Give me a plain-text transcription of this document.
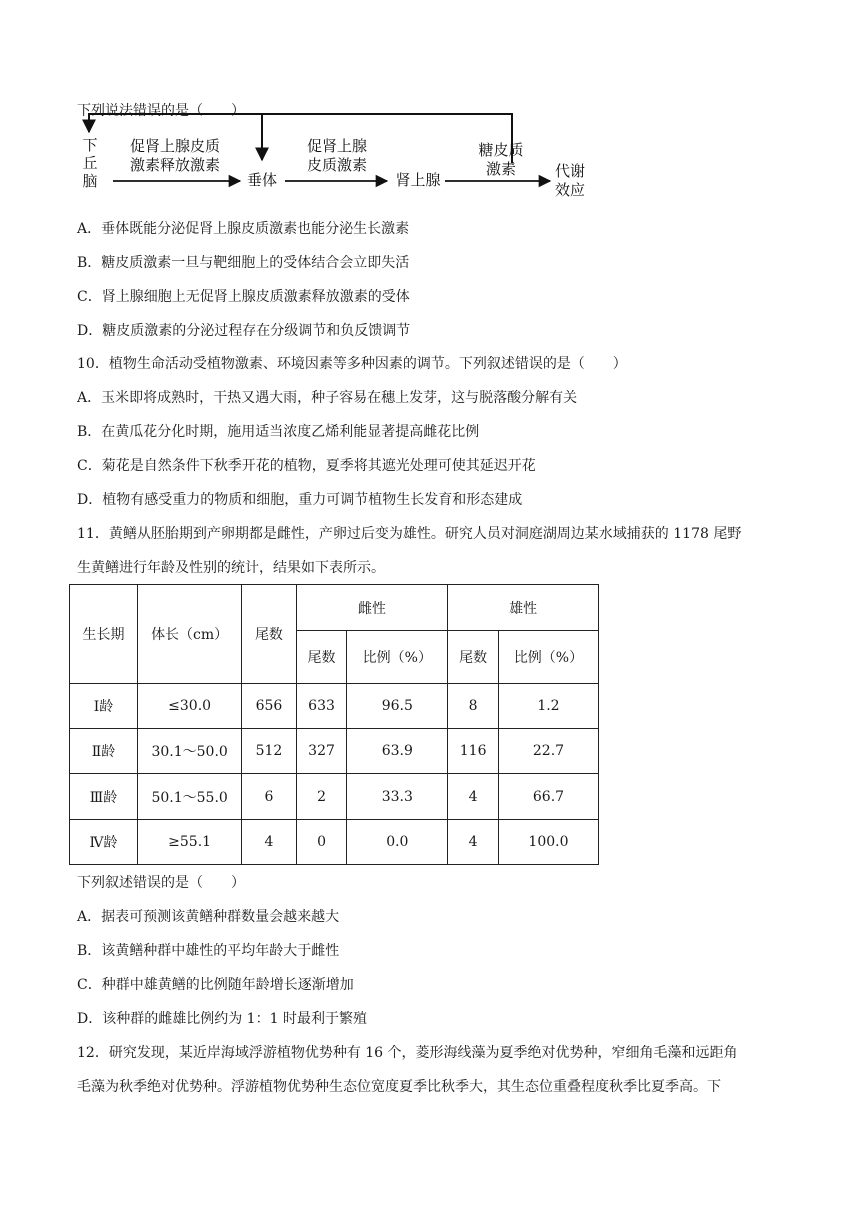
下列说法错误的是（　　）
下
丘
脑
促肾上腺皮质
激素释放激素
垂体
促肾上腺
皮质激素
肾上腺
糖皮质
激素	代谢
效应
A．垂体既能分泌促肾上腺皮质激素也能分泌生长激素
B．糖皮质激素一旦与靶细胞上的受体结合会立即失活
C．肾上腺细胞上无促肾上腺皮质激素释放激素的受体
D．糖皮质激素的分泌过程存在分级调节和负反馈调节
10．植物生命活动受植物激素、环境因素等多种因素的调节。下列叙述错误的是（　　）
A．玉米即将成熟时，干热又遇大雨，种子容易在穗上发芽，这与脱落酸分解有关
B．在黄瓜花分化时期，施用适当浓度乙烯利能显著提高雌花比例
C．菊花是自然条件下秋季开花的植物，夏季将其遮光处理可使其延迟开花
D．植物有感受重力的物质和细胞，重力可调节植物生长发育和形态建成
11．黄鳝从胚胎期到产卵期都是雌性，产卵过后变为雄性。研究人员对洞庭湖周边某水域捕获的 1178 尾野
生黄鳝进行年龄及性别的统计，结果如下表所示。
生长期	体长（cm）	尾数	雌性		雄性	
			尾数	比例（%）	尾数	比例（%）
Ⅰ龄	≤30.0	656	633	96.5	8	1.2
Ⅱ龄	30.1～50.0	512	327	63.9	116	22.7
Ⅲ龄	50.1～55.0	6	2	33.3	4	66.7
Ⅳ龄	≥55.1	4	0	0.0	4	100.0
下列叙述错误的是（　　）
A．据表可预测该黄鳝种群数量会越来越大
B．该黄鳝种群中雄性的平均年龄大于雌性
C．种群中雄黄鳝的比例随年龄增长逐渐增加
D．该种群的雌雄比例约为 1：1 时最利于繁殖
12．研究发现，某近岸海域浮游植物优势种有 16 个，菱形海线藻为夏季绝对优势种，窄细角毛藻和远距角
毛藻为秋季绝对优势种。浮游植物优势种生态位宽度夏季比秋季大，其生态位重叠程度秋季比夏季高。下
